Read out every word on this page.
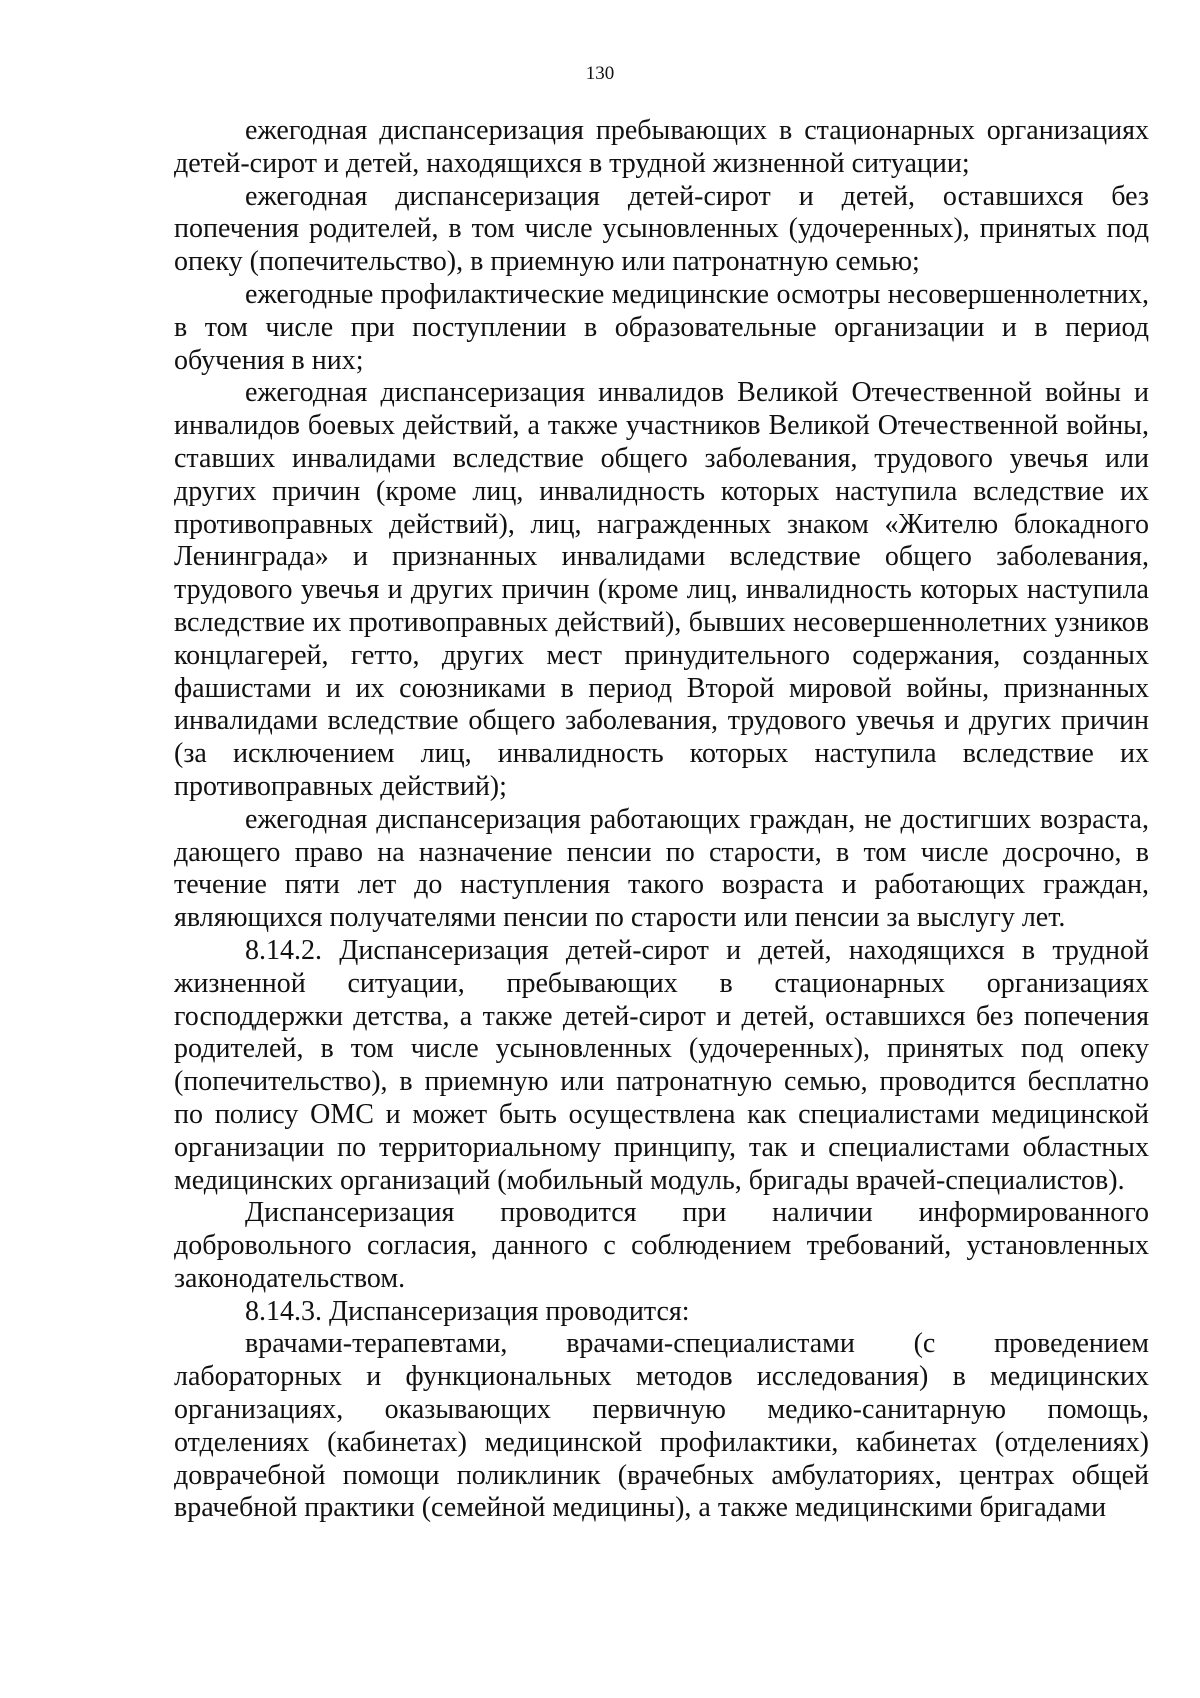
130

ежегодная диспансеризация пребывающих в стационарных организациях детей-сирот и детей, находящихся в трудной жизненной ситуации;

ежегодная диспансеризация детей-сирот и детей, оставшихся без попечения родителей, в том числе усыновленных (удочеренных), принятых под опеку (попечительство), в приемную или патронатную семью;

ежегодные профилактические медицинские осмотры несовершеннолетних, в том числе при поступлении в образовательные организации и в период обучения в них;

ежегодная диспансеризация инвалидов Великой Отечественной войны и инвалидов боевых действий, а также участников Великой Отечественной войны, ставших инвалидами вследствие общего заболевания, трудового увечья или других причин (кроме лиц, инвалидность которых наступила вследствие их противоправных действий), лиц, награжденных знаком «Жителю блокадного Ленинграда» и признанных инвалидами вследствие общего заболевания, трудового увечья и других причин (кроме лиц, инвалидность которых наступила вследствие их противоправных действий), бывших несовершеннолетних узников концлагерей, гетто, других мест принудительного содержания, созданных фашистами и их союзниками в период Второй мировой войны, признанных инвалидами вследствие общего заболевания, трудового увечья и других причин (за исключением лиц, инвалидность которых наступила вследствие их противоправных действий);

ежегодная диспансеризация работающих граждан, не достигших возраста, дающего право на назначение пенсии по старости, в том числе досрочно, в течение пяти лет до наступления такого возраста и работающих граждан, являющихся получателями пенсии по старости или пенсии за выслугу лет.

8.14.2. Диспансеризация детей-сирот и детей, находящихся в трудной жизненной ситуации, пребывающих в стационарных организациях господдержки детства, а также детей-сирот и детей, оставшихся без попечения родителей, в том числе усыновленных (удочеренных), принятых под опеку (попечительство), в приемную или патронатную семью, проводится бесплатно по полису ОМС и может быть осуществлена как специалистами медицинской организации по территориальному принципу, так и специалистами областных медицинских организаций (мобильный модуль, бригады врачей-специалистов).

Диспансеризация проводится при наличии информированного добровольного согласия, данного с соблюдением требований, установленных законодательством.

8.14.3. Диспансеризация проводится:

врачами-терапевтами, врачами-специалистами (с проведением лабораторных и функциональных методов исследования) в медицинских организациях, оказывающих первичную медико-санитарную помощь, отделениях (кабинетах) медицинской профилактики, кабинетах (отделениях) доврачебной помощи поликлиник (врачебных амбулаториях, центрах общей врачебной практики (семейной медицины), а также медицинскими бригадами
